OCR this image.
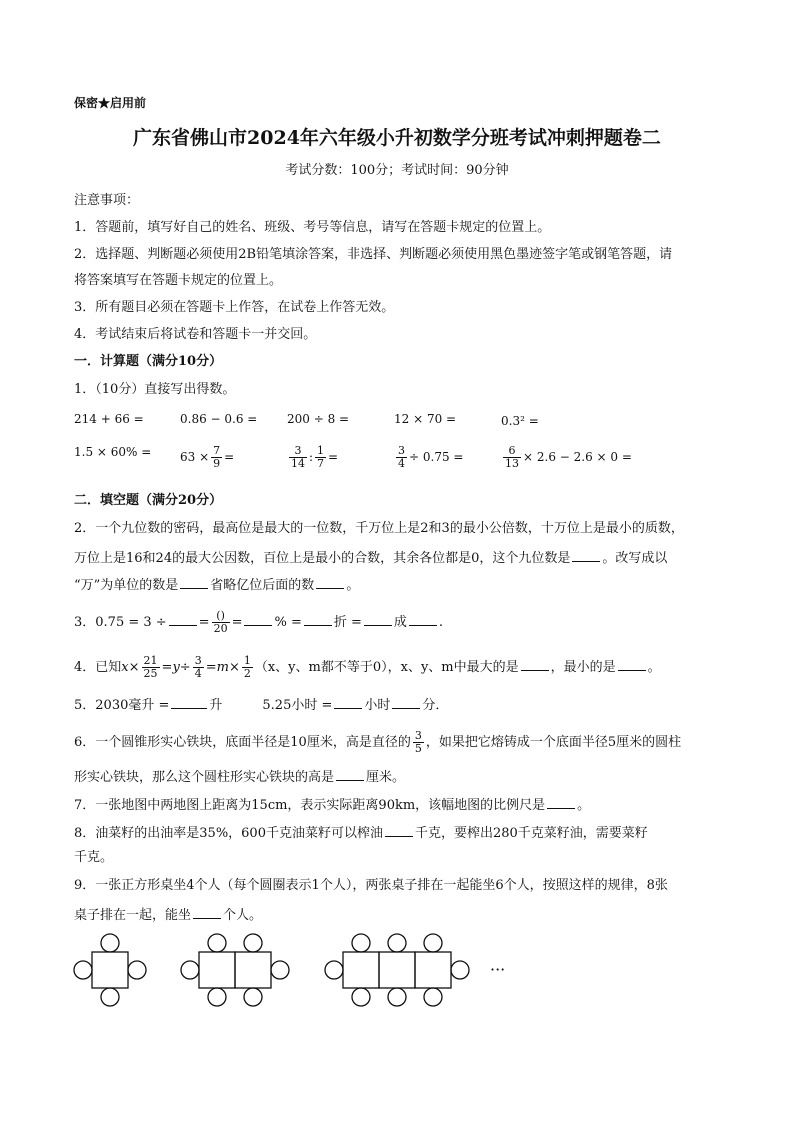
保密★启用前
广东省佛山市2024年六年级小升初数学分班考试冲刺押题卷二
考试分数：100分；考试时间：90分钟
注意事项：
1．答题前，填写好自己的姓名、班级、考号等信息，请写在答题卡规定的位置上。
2．选择题、判断题必须使用2B铅笔填涂答案，非选择、判断题必须使用黑色墨迹签字笔或钢笔答题，请
将答案填写在答题卡规定的位置上。
3．所有题目必须在答题卡上作答，在试卷上作答无效。
4．考试结束后将试卷和答题卡一并交回。
一．计算题（满分10分）
1．（10分）直接写出得数。
214 + 66 =	0.86 − 0.6 = 200 ÷ 8 =	12 × 70 =	0.3² =
$1.5 \times 60\% = 63 \times \frac{7}{9}$ =	$\frac{3}{14}$ : $\frac{1}{7}$ =	$\frac{3}{4} \div 0.75$ =	$\frac{6}{13} \times 2.6 - 2.6 \times 0$ =
二．填空题（满分20分）
2．一个九位数的密码，最高位是最大的一位数，千万位上是2和3的最小公倍数，十万位上是最小的质数，
万位上是16和24的最大公因数，百位上是最小的合数，其余各位都是0，这个九位数是 。改写成以
“万”为单位的数是 省略亿位后面的数 。
3．0.75 = 3 ÷ = $\frac{()}{20}$ = % = 折 = 成 .
4．已知$x\times \frac{21}{25} =y\div \frac{3}{4} =m\times \frac{1}{2} (x$、y、m都不等于0），x、y、m中最大的是 ，最小的是 。
5．2030毫升 =	升	5.25小时 = 小时 分．
6．一个圆锥形实心铁块，底面半径是10厘米，高是直径的 $\frac{3}{5}$ ，如果把它熔铸成一个底面半径5厘米的圆柱
形实心铁块，那么这个圆柱形实心铁块的高是 厘米。
7．一张地图中两地图上距离为15cm，表示实际距离90km，该幅地图的比例尺是 。
8．油菜籽的出油率是35%，600千克油菜籽可以榨油 千克，要榨出280千克菜籽油，需要菜籽
千克。
9．一张正方形桌坐4个人（每个圆圈表示1个人），两张桌子排在一起能坐6个人，按照这样的规律，8张
桌子排在一起，能坐 个人。
···
